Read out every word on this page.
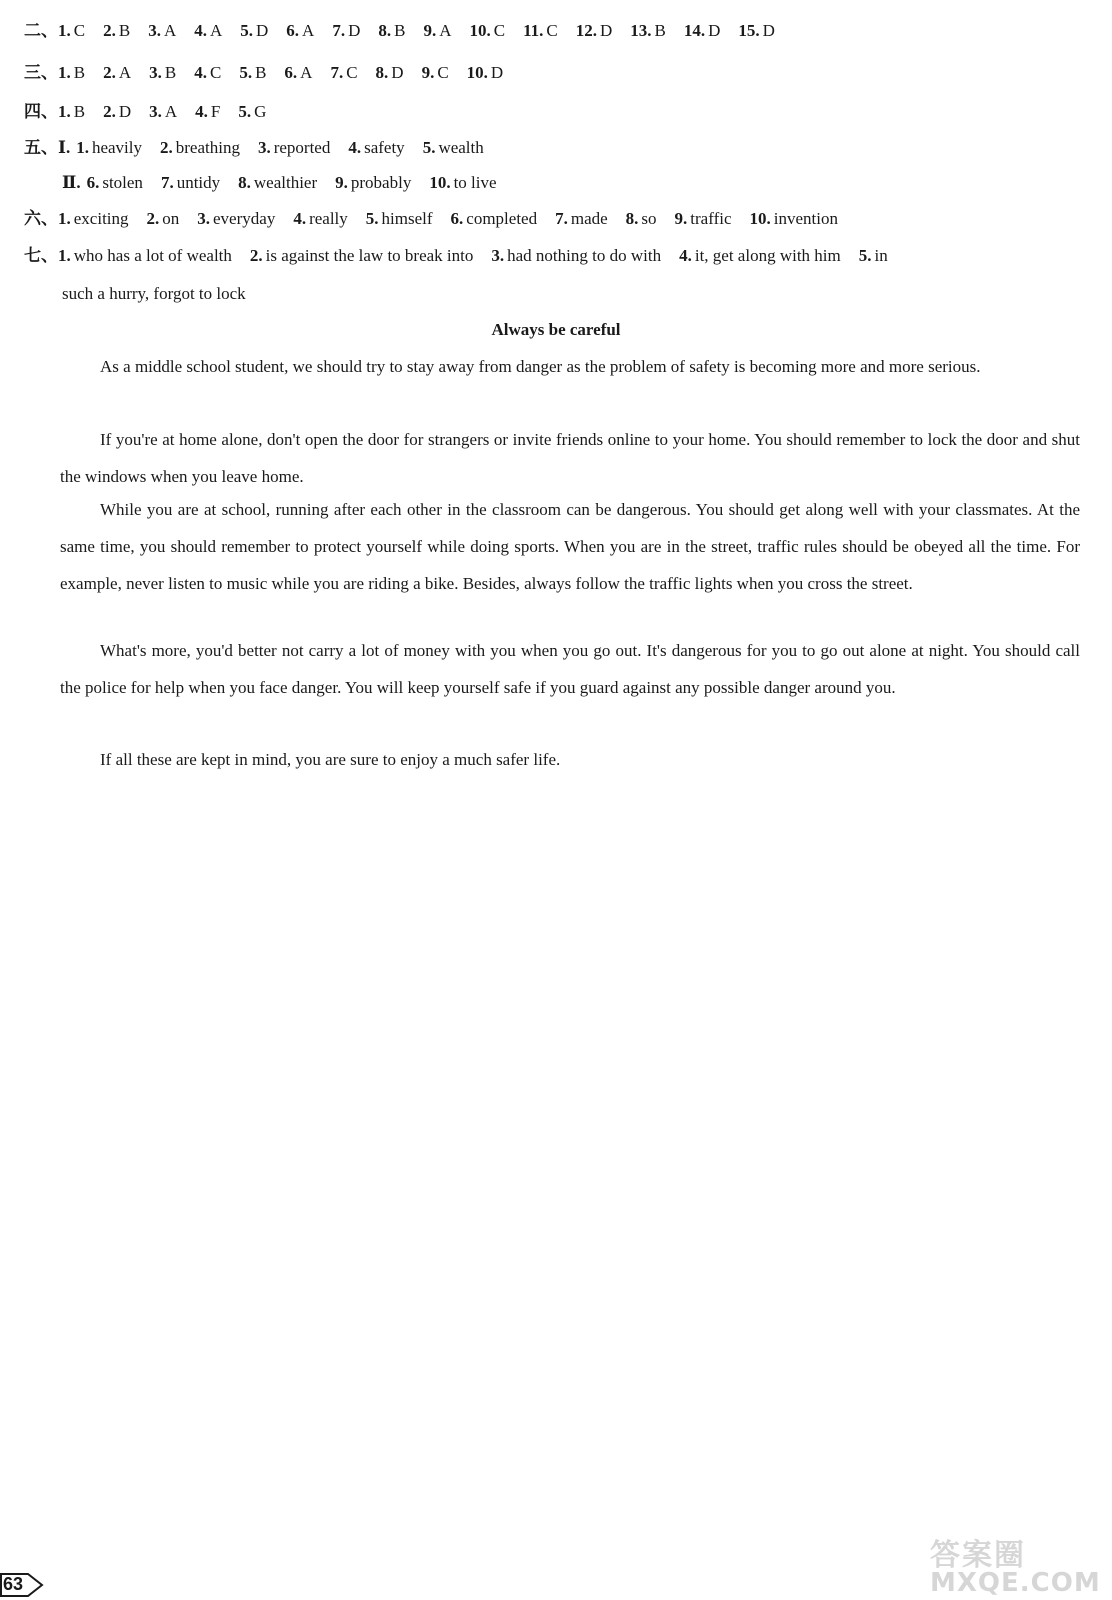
二、1. C 2. B 3. A 4. A 5. D 6. A 7. D 8. B 9. A 10. C 11. C 12. D 13. B 14. D 15. D
三、1. B 2. A 3. B 4. C 5. B 6. A 7. C 8. D 9. C 10. D
四、1. B 2. D 3. A 4. F 5. G
五、Ⅰ. 1. heavily 2. breathing 3. reported 4. safety 5. wealth
Ⅱ. 6. stolen 7. untidy 8. wealthier 9. probably 10. to live
六、1. exciting 2. on 3. everyday 4. really 5. himself 6. completed 7. made 8. so 9. traffic 10. invention
七、1. who has a lot of wealth 2. is against the law to break into 3. had nothing to do with 4. it, get along with him 5. in
such a hurry, forgot to lock
Always be careful
As a middle school student, we should try to stay away from danger as the problem of safety is becoming more and more serious.
If you're at home alone, don't open the door for strangers or invite friends online to your home. You should remember to lock the door and shut the windows when you leave home.
While you are at school, running after each other in the classroom can be dangerous. You should get along well with your classmates. At the same time, you should remember to protect yourself while doing sports. When you are in the street, traffic rules should be obeyed all the time. For example, never listen to music while you are riding a bike. Besides, always follow the traffic lights when you cross the street.
What's more, you'd better not carry a lot of money with you when you go out. It's dangerous for you to go out alone at night. You should call the police for help when you face danger. You will keep yourself safe if you guard against any possible danger around you.
If all these are kept in mind, you are sure to enjoy a much safer life.
63
答案圈
MXQE.COM
